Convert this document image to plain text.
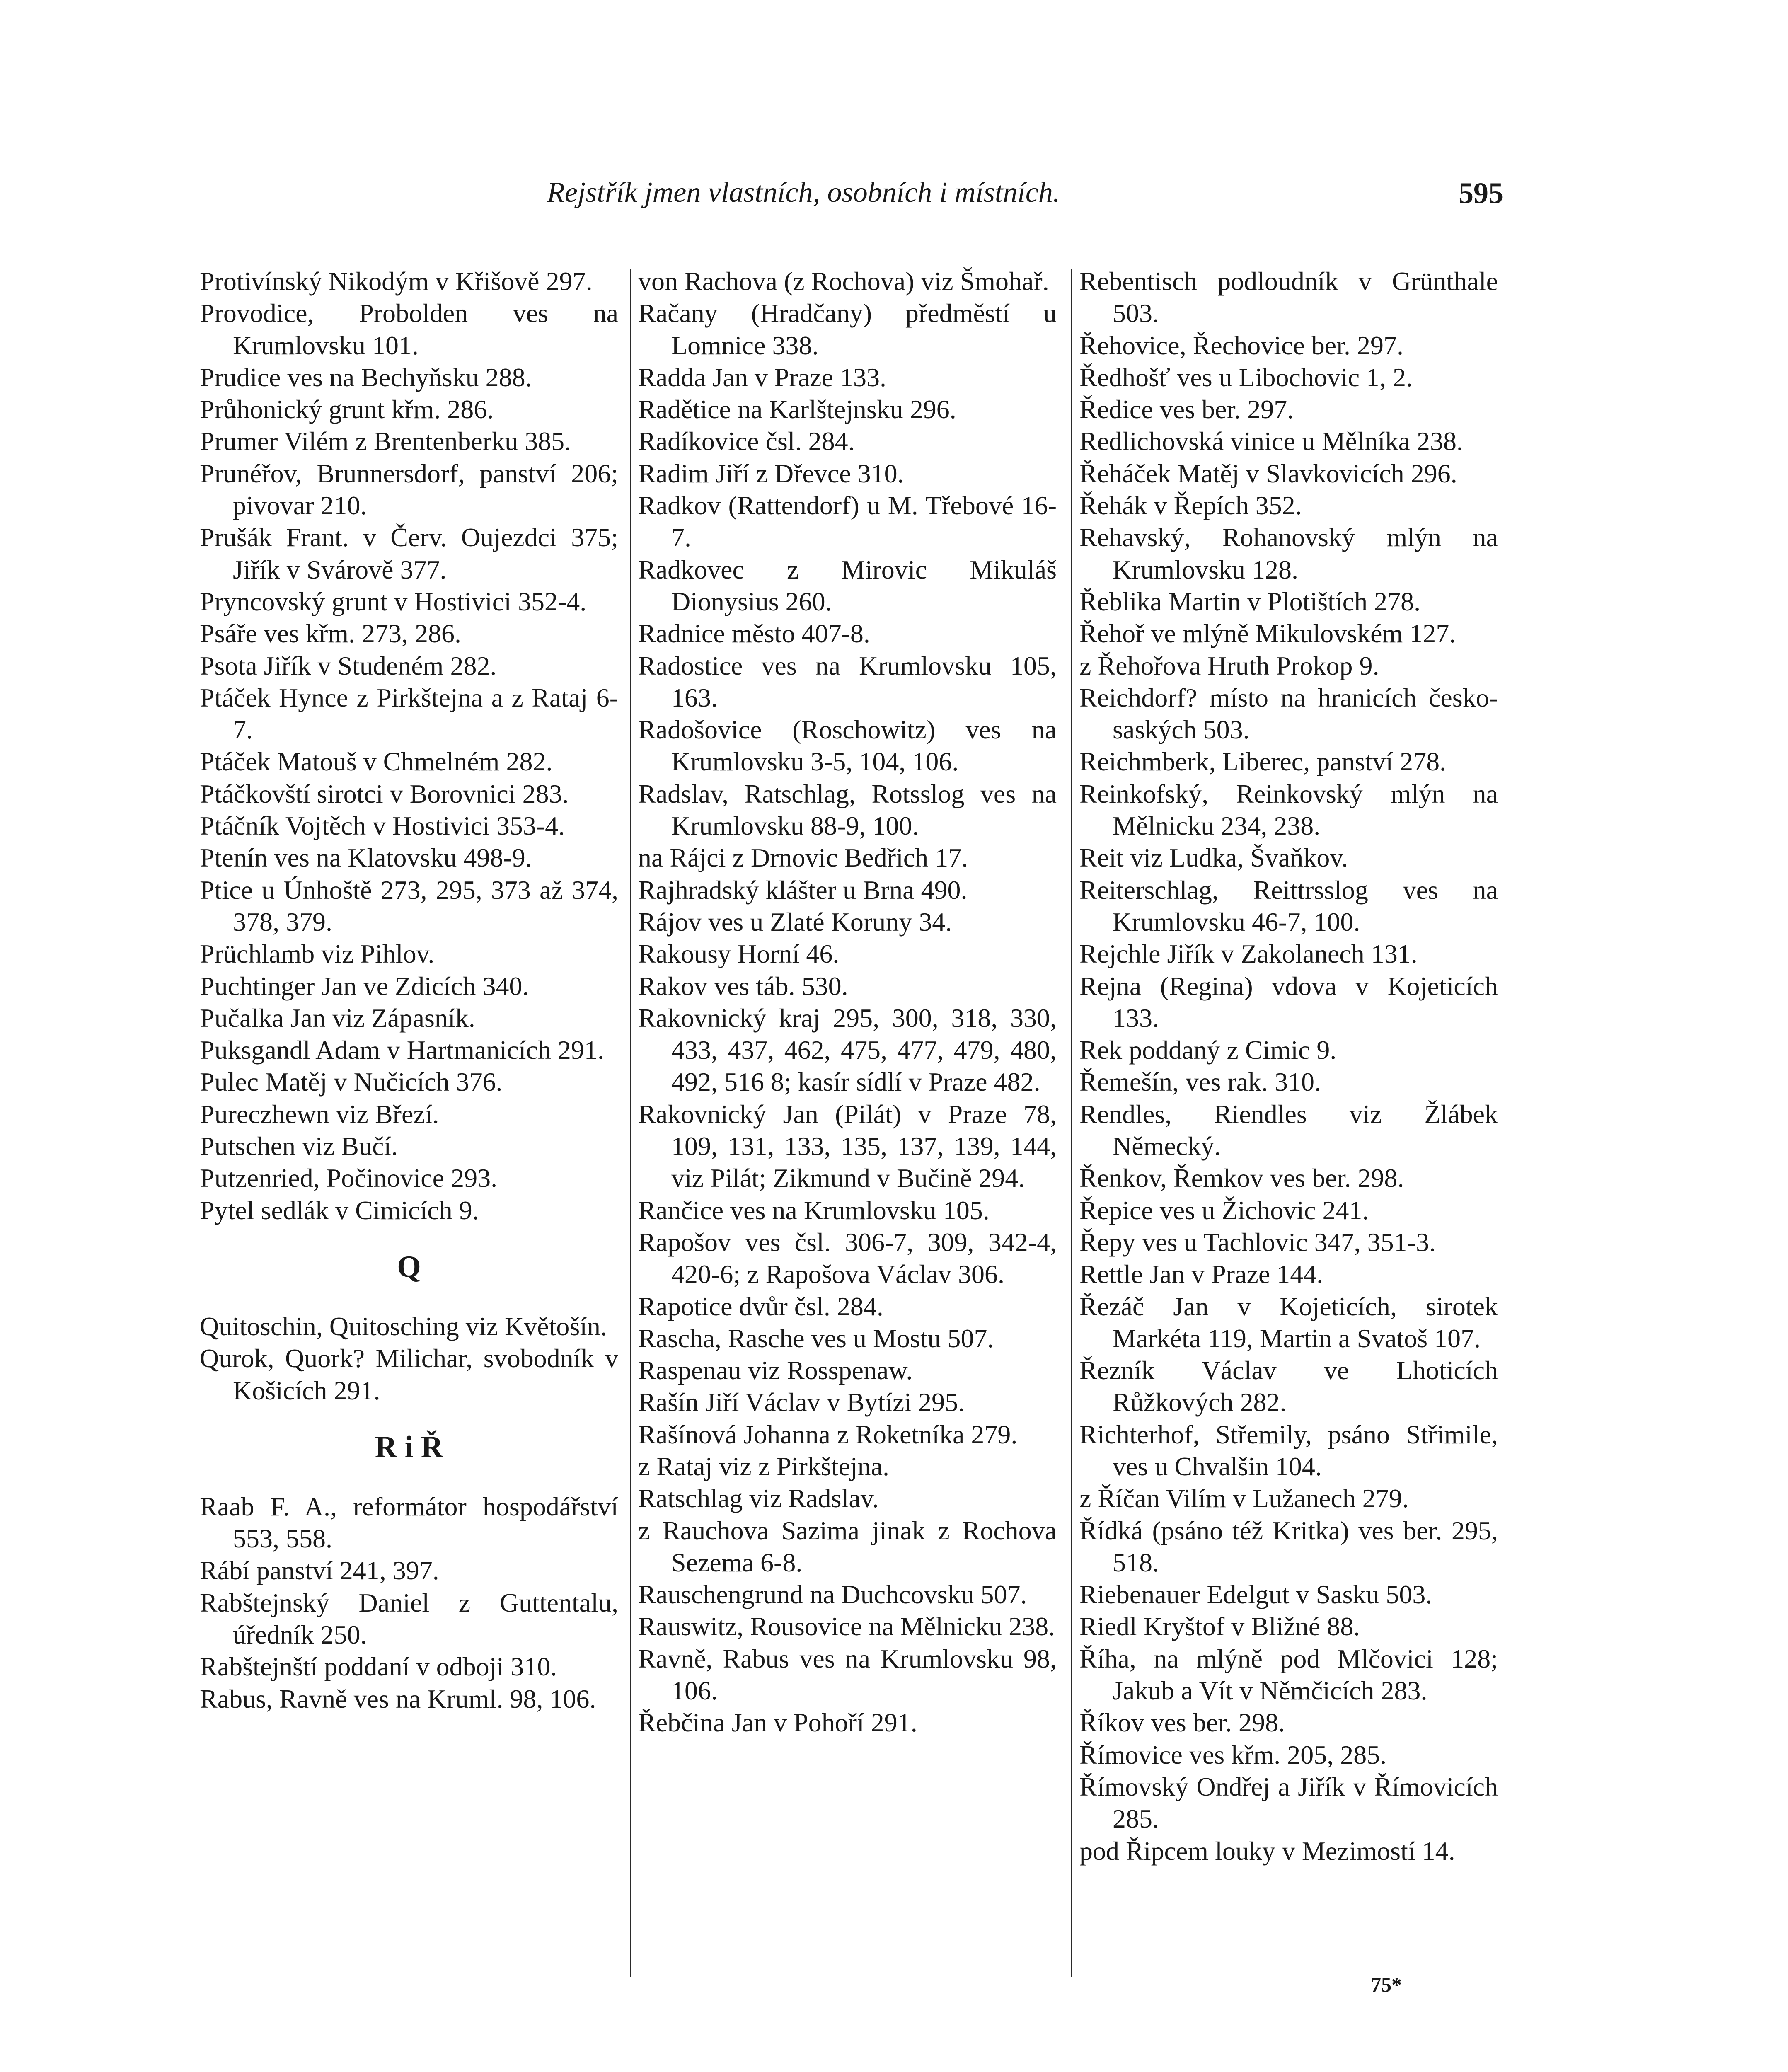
Rejstřík jmen vlastních, osobních i místních.	595
Protivínský Nikodým v Křišově 297.
Provodice, Probolden ves na Krumlovsku 101.
Prudice ves na Bechyňsku 288.
Průhonický grunt křm. 286.
Prumer Vilém z Brentenberku 385.
Prunéřov, Brunnersdorf, panství 206; pivovar 210.
Prušák Frant. v Červ. Oujezdci 375; Jiřík v Svárově 377.
Pryncovský grunt v Hostivici 352-4.
Psáře ves křm. 273, 286.
Psota Jiřík v Studeném 282.
Ptáček Hynce z Pirkštejna a z Rataj 6-7.
Ptáček Matouš v Chmelném 282.
Ptáčkovští sirotci v Borovnici 283.
Ptáčník Vojtěch v Hostivici 353-4.
Ptenín ves na Klatovsku 498-9.
Ptice u Únhoště 273, 295, 373 až 374, 378, 379.
Prüchlamb viz Pihlov.
Puchtinger Jan ve Zdicích 340.
Pučalka Jan viz Zápasník.
Puksgandl Adam v Hartmanicích 291.
Pulec Matěj v Nučicích 376.
Pureczhewn viz Březí.
Putschen viz Bučí.
Putzenried, Počinovice 293.
Pytel sedlák v Cimicích 9.
Q
Quitoschin, Quitosching viz Květošín.
Qurok, Quork? Milichar, svobodník v Košicích 291.
R i Ř
Raab F. A., reformátor hospodářství 553, 558.
Rábí panství 241, 397.
Rabštejnský Daniel z Guttentalu, úředník 250.
Rabštejnští poddaní v odboji 310.
Rabus, Ravně ves na Kruml. 98, 106.
von Rachova (z Rochova) viz Šmohař.
Račany (Hradčany) předměstí u Lomnice 338.
Radda Jan v Praze 133.
Radětice na Karlštejnsku 296.
Radíkovice čsl. 284.
Radim Jiří z Dřevce 310.
Radkov (Rattendorf) u M. Třebové 16-7.
Radkovec z Mirovic Mikuláš Dionysius 260.
Radnice město 407-8.
Radostice ves na Krumlovsku 105, 163.
Radošovice (Roschowitz) ves na Krumlovsku 3-5, 104, 106.
Radslav, Ratschlag, Rotsslog ves na Krumlovsku 88-9, 100.
na Rájci z Drnovic Bedřich 17.
Rajhradský klášter u Brna 490.
Rájov ves u Zlaté Koruny 34.
Rakousy Horní 46.
Rakov ves táb. 530.
Rakovnický kraj 295, 300, 318, 330, 433, 437, 462, 475, 477, 479, 480, 492, 516 8; kasír sídlí v Praze 482.
Rakovnický Jan (Pilát) v Praze 78, 109, 131, 133, 135, 137, 139, 144, viz Pilát; Zikmund v Bučině 294.
Rančice ves na Krumlovsku 105.
Rapošov ves čsl. 306-7, 309, 342-4, 420-6; z Rapošova Václav 306.
Rapotice dvůr čsl. 284.
Rascha, Rasche ves u Mostu 507.
Raspenau viz Rosspenaw.
Rašín Jiří Václav v Bytízi 295.
Rašínová Johanna z Roketníka 279.
z Rataj viz z Pirkštejna.
Ratschlag viz Radslav.
z Rauchova Sazima jinak z Rochova Sezema 6-8.
Rauschengrund na Duchcovsku 507.
Rauswitz, Rousovice na Mělnicku 238.
Ravně, Rabus ves na Krumlovsku 98, 106.
Řebčina Jan v Pohoří 291.
Rebentisch podloudník v Grünthale 503.
Řehovice, Řechovice ber. 297.
Ředhošť ves u Libochovic 1, 2.
Ředice ves ber. 297.
Redlichovská vinice u Mělníka 238.
Řeháček Matěj v Slavkovicích 296.
Řehák v Řepích 352.
Rehavský, Rohanovský mlýn na Krumlovsku 128.
Řeblika Martin v Plotištích 278.
Řehoř ve mlýně Mikulovském 127.
z Řehořova Hruth Prokop 9.
Reichdorf? místo na hranicích česko-saských 503.
Reichmberk, Liberec, panství 278.
Reinkofský, Reinkovský mlýn na Mělnicku 234, 238.
Reit viz Ludka, Švaňkov.
Reiterschlag, Reittrsslog ves na Krumlovsku 46-7, 100.
Rejchle Jiřík v Zakolanech 131.
Rejna (Regina) vdova v Kojeticích 133.
Rek poddaný z Cimic 9.
Řemešín, ves rak. 310.
Rendles, Riendles viz Žlábek Německý.
Řenkov, Řemkov ves ber. 298.
Řepice ves u Žichovic 241.
Řepy ves u Tachlovic 347, 351-3.
Rettle Jan v Praze 144.
Řezáč Jan v Kojeticích, sirotek Markéta 119, Martin a Svatoš 107.
Řezník Václav ve Lhoticích Růžkových 282.
Richterhof, Střemily, psáno Střimile, ves u Chvalšin 104.
z Říčan Vilím v Lužanech 279.
Řídká (psáno též Kritka) ves ber. 295, 518.
Riebenauer Edelgut v Sasku 503.
Riedl Kryštof v Bližné 88.
Říha, na mlýně pod Mlčovici 128; Jakub a Vít v Němčicích 283.
Říkov ves ber. 298.
Římovice ves křm. 205, 285.
Římovský Ondřej a Jiřík v Římovicích 285.
pod Řipcem louky v Mezimostí 14.
75*
